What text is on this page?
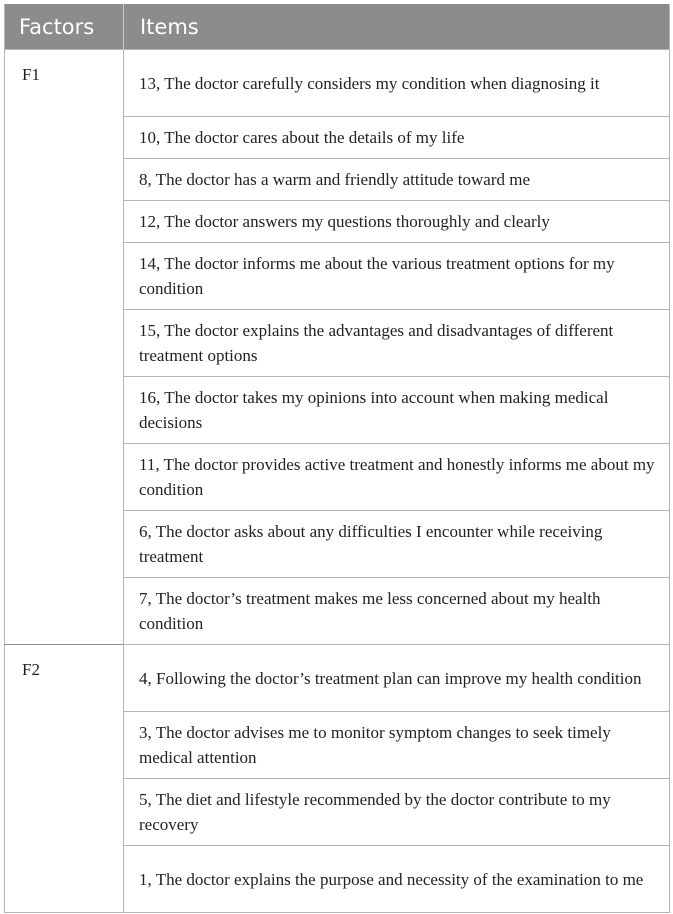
Factors	Items
F1	13, The doctor carefully considers my condition when diagnosing it
	10, The doctor cares about the details of my life
	8, The doctor has a warm and friendly attitude toward me
	12, The doctor answers my questions thoroughly and clearly
	14, The doctor informs me about the various treatment options for my condition
	15, The doctor explains the advantages and disadvantages of different treatment options
	16, The doctor takes my opinions into account when making medical decisions
	11, The doctor provides active treatment and honestly informs me about my condition
	6, The doctor asks about any difficulties I encounter while receiving treatment
	7, The doctor’s treatment makes me less concerned about my health condition
F2	4, Following the doctor’s treatment plan can improve my health condition
	3, The doctor advises me to monitor symptom changes to seek timely medical attention
	5, The diet and lifestyle recommended by the doctor contribute to my recovery
	1, The doctor explains the purpose and necessity of the examination to me
